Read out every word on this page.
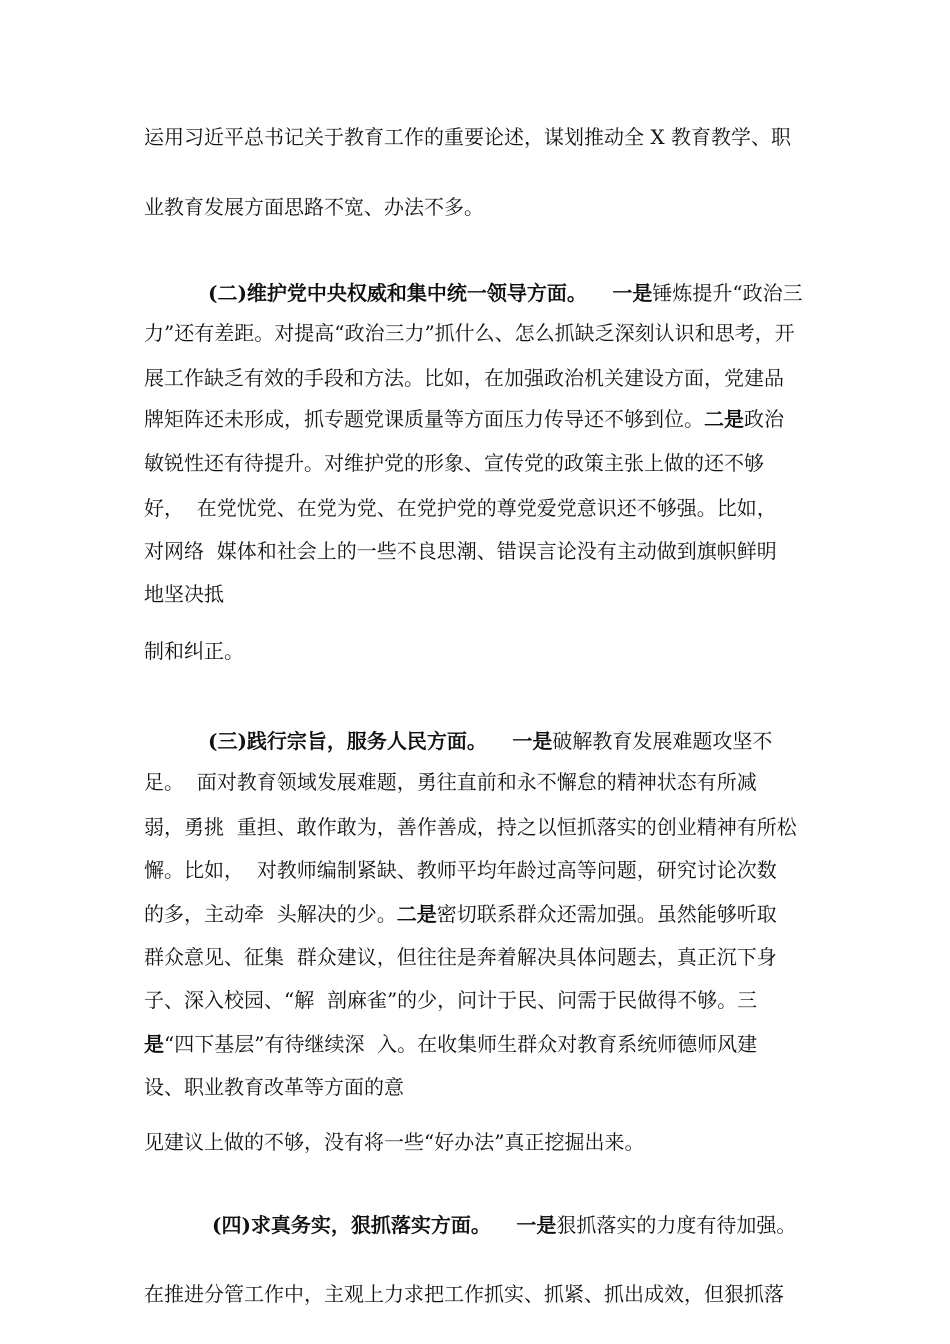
运用习近平总书记关于教育工作的重要论述，谋划推动全 X 教育教学、职
业教育发展方面思路不宽、办法不多。
(二)维护党中央权威和集中统一领导方面。 一是锤炼提升“政治三
力”还有差距。对提高“政治三力”抓什么、怎么抓缺乏深刻认识和思考，开
展工作缺乏有效的手段和方法。比如，在加强政治机关建设方面，党建品
牌矩阵还未形成，抓专题党课质量等方面压力传导还不够到位。二是政治
敏锐性还有待提升。对维护党的形象、宣传党的政策主张上做的还不够
好，  在党忧党、在党为党、在党护党的尊党爱党意识还不够强。比如，
对网络  媒体和社会上的一些不良思潮、错误言论没有主动做到旗帜鲜明
地坚决抵
制和纠正。
(三)践行宗旨，服务人民方面。 一是破解教育发展难题攻坚不
足。  面对教育领域发展难题，勇往直前和永不懈怠的精神状态有所减
弱，勇挑  重担、敢作敢为，善作善成，持之以恒抓落实的创业精神有所松
懈。比如，  对教师编制紧缺、教师平均年龄过高等问题，研究讨论次数
的多，主动牵  头解决的少。二是密切联系群众还需加强。虽然能够听取
群众意见、征集  群众建议，但往往是奔着解决具体问题去，真正沉下身
子、深入校园、“解  剖麻雀”的少，问计于民、问需于民做得不够。三
是“四下基层”有待继续深  入。在收集师生群众对教育系统师德师风建
设、职业教育改革等方面的意
见建议上做的不够，没有将一些“好办法”真正挖掘出来。
(四)求真务实，狠抓落实方面。 一是狠抓落实的力度有待加强。
在推进分管工作中，主观上力求把工作抓实、抓紧、抓出成效，但狠抓落
